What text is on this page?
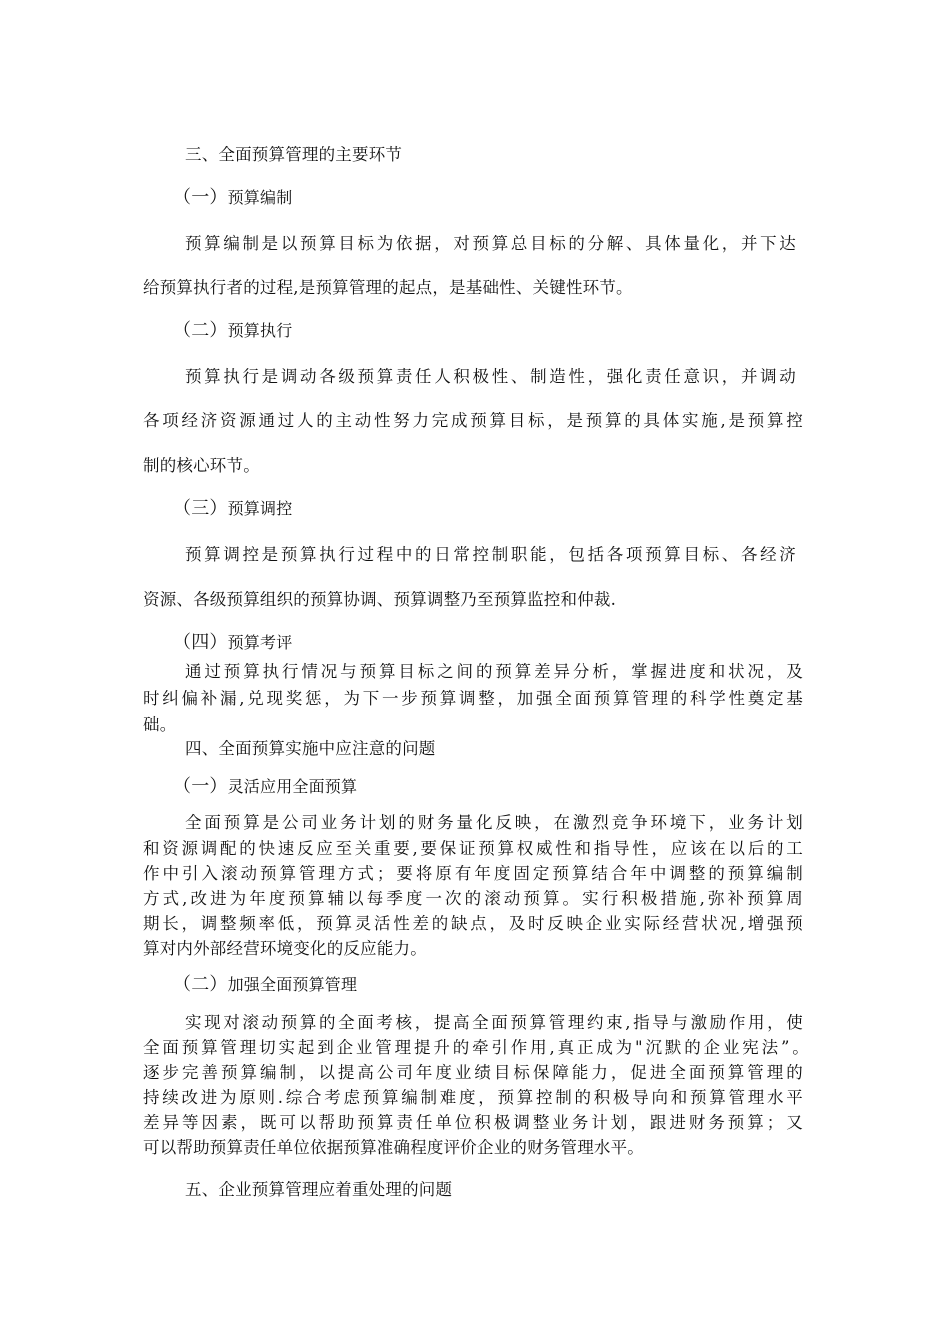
三、全面预算管理的主要环节

（一）预算编制

预算编制是以预算目标为依据，对预算总目标的分解、具体量化，并下达

给预算执行者的过程,是预算管理的起点，是基础性、关键性环节。

（二）预算执行

预算执行是调动各级预算责任人积极性、制造性，强化责任意识，并调动

各项经济资源通过人的主动性努力完成预算目标，是预算的具体实施,是预算控

制的核心环节。

（三）预算调控

预算调控是预算执行过程中的日常控制职能，包括各项预算目标、各经济

资源、各级预算组织的预算协调、预算调整乃至预算监控和仲裁.

（四）预算考评

通过预算执行情况与预算目标之间的预算差异分析，掌握进度和状况，及

时纠偏补漏,兑现奖惩，为下一步预算调整，加强全面预算管理的科学性奠定基

础。

四、全面预算实施中应注意的问题

（一）灵活应用全面预算

全面预算是公司业务计划的财务量化反映，在激烈竞争环境下，业务计划

和资源调配的快速反应至关重要,要保证预算权威性和指导性，应该在以后的工

作中引入滚动预算管理方式；要将原有年度固定预算结合年中调整的预算编制

方式,改进为年度预算辅以每季度一次的滚动预算。实行积极措施,弥补预算周

期长，调整频率低，预算灵活性差的缺点，及时反映企业实际经营状况,增强预

算对内外部经营环境变化的反应能力。

（二）加强全面预算管理

实现对滚动预算的全面考核，提高全面预算管理约束,指导与激励作用，使

全面预算管理切实起到企业管理提升的牵引作用,真正成为"沉默的企业宪法”。

逐步完善预算编制，以提高公司年度业绩目标保障能力，促进全面预算管理的

持续改进为原则.综合考虑预算编制难度，预算控制的积极导向和预算管理水平

差异等因素，既可以帮助预算责任单位积极调整业务计划，跟进财务预算；又

可以帮助预算责任单位依据预算准确程度评价企业的财务管理水平。

五、企业预算管理应着重处理的问题
